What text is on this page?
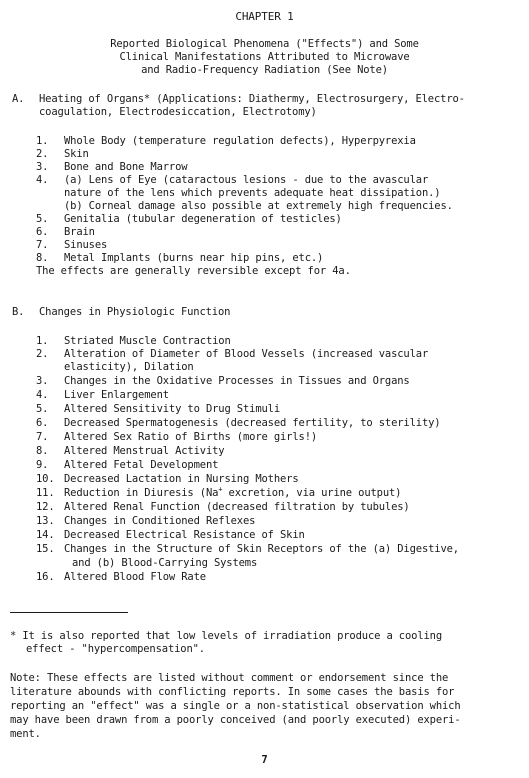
CHAPTER 1
Reported Biological Phenomena ("Effects") and Some
Clinical Manifestations Attributed to Microwave
and Radio-Frequency Radiation (See Note)
A. Heating of Organs* (Applications: Diathermy, Electrosurgery, Electro-
coagulation, Electrodesiccation, Electrotomy)
1.	Whole Body (temperature regulation defects), Hyperpyrexia
2.	Skin
3.	Bone and Bone Marrow
4.	(a) Lens of Eye (cataractous lesions - due to the avascular
nature of the lens which prevents adequate heat dissipation.)
(b) Corneal damage also possible at extremely high frequencies.
5.	Genitalia (tubular degeneration of testicles)
6.	Brain
7.	Sinuses
8.	Metal Implants (burns near hip pins, etc.)
The effects are generally reversible except for 4a.
B. Changes in Physiologic Function
1.	Striated Muscle Contraction
2.	Alteration of Diameter of Blood Vessels (increased vascular
elasticity), Dilation
3.	Changes in the Oxidative Processes in Tissues and Organs
4.	Liver Enlargement
5.	Altered Sensitivity to Drug Stimuli
6.	Decreased Spermatogenesis (decreased fertility, to sterility)
7.	Altered Sex Ratio of Births (more girls!)
8.	Altered Menstrual Activity
9.	Altered Fetal Development
10. Decreased Lactation in Nursing Mothers
11. Reduction in Diuresis (Na+ excretion, via urine output)
12. Altered Renal Function (decreased filtration by tubules)
13. Changes in Conditioned Reflexes
14. Decreased Electrical Resistance of Skin
15. Changes in the Structure of Skin Receptors of the (a) Digestive,
and (b) Blood-Carrying Systems
16. Altered Blood Flow Rate
* It is also reported that low levels of irradiation produce a cooling
effect - "hypercompensation".
Note: These effects are listed without comment or endorsement since the
literature abounds with conflicting reports. In some cases the basis for
reporting an "effect" was a single or a non-statistical observation which
may have been drawn from a poorly conceived (and poorly executed) experi-
ment.
7
